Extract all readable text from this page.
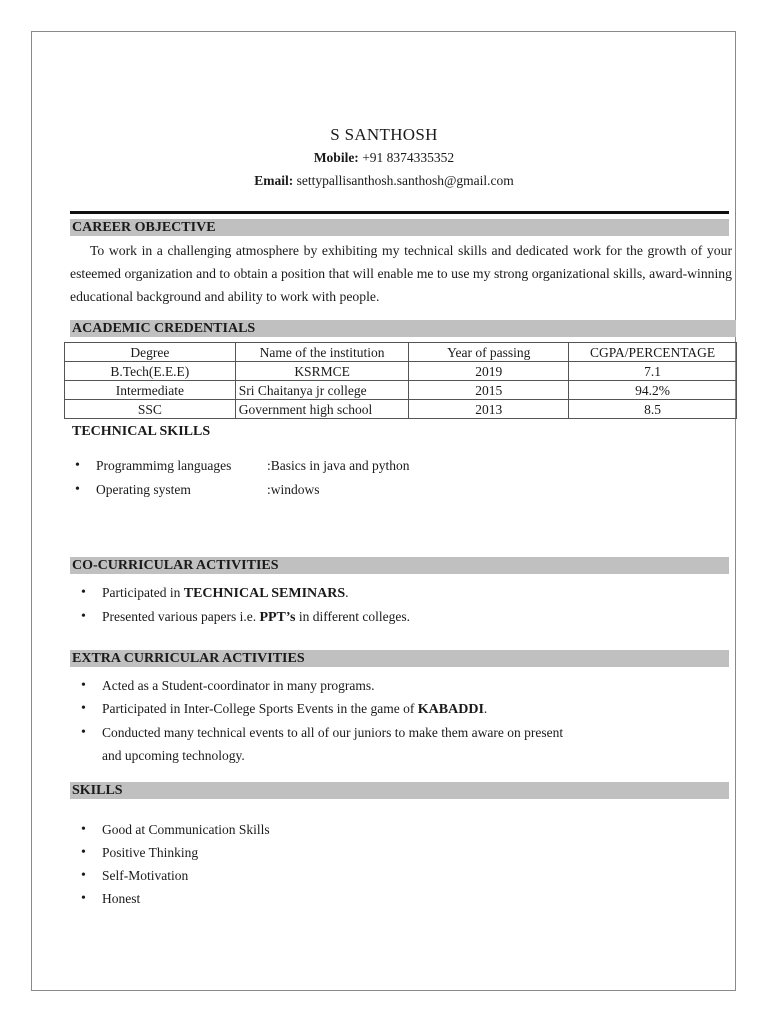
S SANTHOSH
Mobile: +91 8374335352
Email: settypallisanthosh.santhosh@gmail.com
CAREER OBJECTIVE

To work in a challenging atmosphere by exhibiting my technical skills and dedicated work for the growth of your esteemed organization and to obtain a position that will enable me to use my strong organizational skills, award-winning educational background and ability to work with people.

ACADEMIC CREDENTIALS
Degree	Name of the institution	Year of passing	CGPA/PERCENTAGE
B.Tech(E.E.E)	KSRMCE	2019	7.1
Intermediate	Sri Chaitanya jr college	2015	94.2%
SSC	Government high school	2013	8.5
TECHNICAL SKILLS
• Programmimg languages	:Basics in java and python
• Operating system	:windows
CO-CURRICULAR ACTIVITIES
• Participated in TECHNICAL SEMINARS.
• Presented various papers i.e. PPT’s in different colleges.
EXTRA CURRICULAR ACTIVITIES
• Acted as a Student-coordinator in many programs.
• Participated in Inter-College Sports Events in the game of KABADDI.
• Conducted many technical events to all of our juniors to make them aware on present
and upcoming technology.
SKILLS
• Good at Communication Skills
• Positive Thinking
• Self-Motivation
• Honest
